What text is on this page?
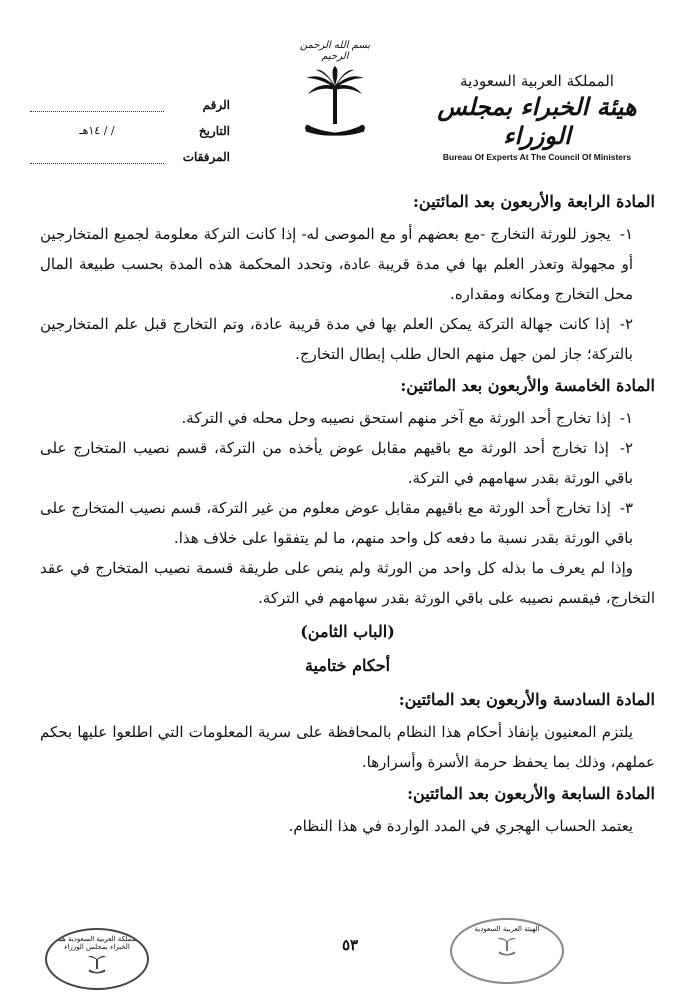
الرقم
التاريخ
/ / ١٤هـ
المرفقات
بسم الله الرحمن الرحيم
المملكة العربية السعودية
هيئة الخبراء بمجلس الوزراء
Bureau Of Experts At The Council Of Ministers
المادة الرابعة والأربعون بعد المائتين:

١- يجوز للورثة التخارج -مع بعضهم أو مع الموصى له- إذا كانت التركة معلومة لجميع المتخارجين أو مجهولة وتعذر العلم بها في مدة قريبة عادة، وتحدد المحكمة هذه المدة بحسب طبيعة المال محل التخارج ومكانه ومقداره.

٢- إذا كانت جهالة التركة يمكن العلم بها في مدة قريبة عادة، وتم التخارج قبل علم المتخارجين بالتركة؛ جاز لمن جهل منهم الحال طلب إبطال التخارج.

المادة الخامسة والأربعون بعد المائتين:

١- إذا تخارج أحد الورثة مع آخر منهم استحق نصيبه وحل محله في التركة.

٢- إذا تخارج أحد الورثة مع باقيهم مقابل عوض يأخذه من التركة، قسم نصيب المتخارج على باقي الورثة بقدر سهامهم في التركة.

٣- إذا تخارج أحد الورثة مع باقيهم مقابل عوض معلوم من غير التركة، قسم نصيب المتخارج على باقي الورثة بقدر نسبة ما دفعه كل واحد منهم، ما لم يتفقوا على خلاف هذا.

وإذا لم يعرف ما بذله كل واحد من الورثة ولم ينص على طريقة قسمة نصيب المتخارج في عقد التخارج، فيقسم نصيبه على باقي الورثة بقدر سهامهم في التركة.

(الباب الثامن)
أحكام ختامية
المادة السادسة والأربعون بعد المائتين:

يلتزم المعنيون بإنفاذ أحكام هذا النظام بالمحافظة على سرية المعلومات التي اطلعوا عليها بحكم عملهم، وذلك بما يحفظ حرمة الأسرة وأسرارها.

المادة السابعة والأربعون بعد المائتين:

يعتمد الحساب الهجري في المدد الواردة في هذا النظام.

٥٣
المملكة العربية السعودية هيئة الخبراء بمجلس الوزراء
الهيئة العربية السعودية
